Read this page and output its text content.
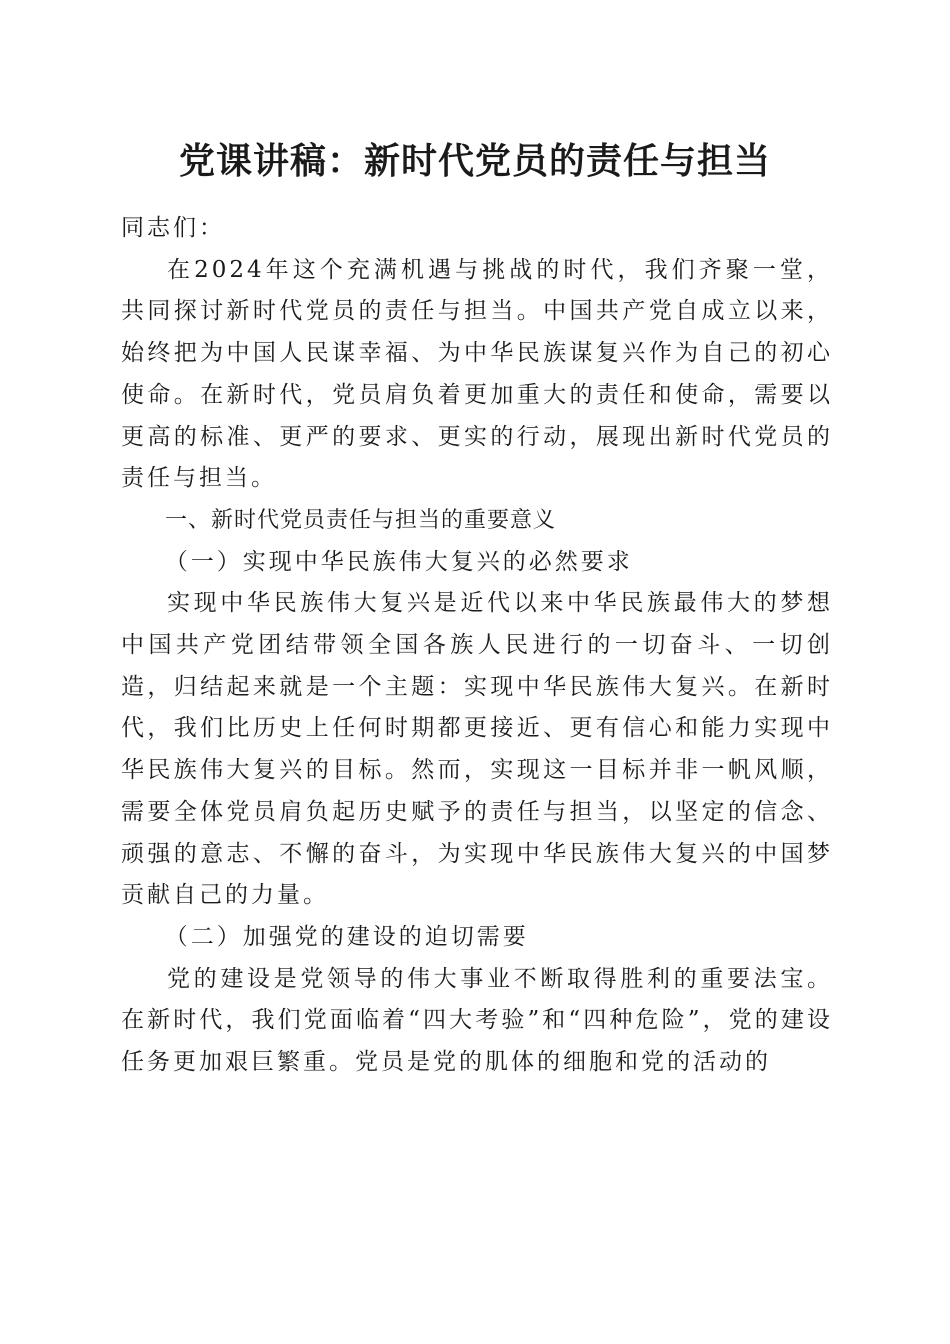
党课讲稿：新时代党员的责任与担当

同志们：

在2024年这个充满机遇与挑战的时代，我们齐聚一堂，共同探讨新时代党员的责任与担当。中国共产党自成立以来，始终把为中国人民谋幸福、为中华民族谋复兴作为自己的初心使命。在新时代，党员肩负着更加重大的责任和使命，需要以更高的标准、更严的要求、更实的行动，展现出新时代党员的责任与担当。

一、新时代党员责任与担当的重要意义

（一）实现中华民族伟大复兴的必然要求

实现中华民族伟大复兴是近代以来中华民族最伟大的梦想中国共产党团结带领全国各族人民进行的一切奋斗、一切创造，归结起来就是一个主题：实现中华民族伟大复兴。在新时代，我们比历史上任何时期都更接近、更有信心和能力实现中华民族伟大复兴的目标。然而，实现这一目标并非一帆风顺，需要全体党员肩负起历史赋予的责任与担当，以坚定的信念、顽强的意志、不懈的奋斗，为实现中华民族伟大复兴的中国梦贡献自己的力量。

（二）加强党的建设的迫切需要

党的建设是党领导的伟大事业不断取得胜利的重要法宝。在新时代，我们党面临着“四大考验”和“四种危险”，党的建设任务更加艰巨繁重。党员是党的肌体的细胞和党的活动的
